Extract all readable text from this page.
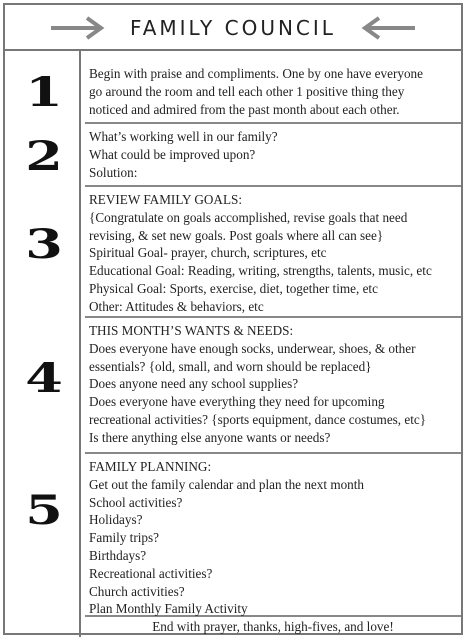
FAMILY COUNCIL
1	Begin with praise and compliments. One by one have everyone
go around the room and tell each other 1 positive thing they
noticed and admired from the past month about each other.
2	What’s working well in our family?
What could be improved upon?
Solution:
3
REVIEW FAMILY GOALS:
{Congratulate on goals accomplished, revise goals that need
revising, & set new goals. Post goals where all can see}
Spiritual Goal- prayer, church, scriptures, etc
Educational Goal: Reading, writing, strengths, talents, music, etc
Physical Goal: Sports, exercise, diet, together time, etc
Other: Attitudes & behaviors, etc
4
THIS MONTH’S WANTS & NEEDS:
Does everyone have enough socks, underwear, shoes, & other
essentials? {old, small, and worn should be replaced}
Does anyone need any school supplies?
Does everyone have everything they need for upcoming
recreational activities? {sports equipment, dance costumes, etc}
Is there anything else anyone wants or needs?
5
FAMILY PLANNING:
Get out the family calendar and plan the next month
School activities?
Holidays?
Family trips?
Birthdays?
Recreational activities?
Church activities?
Plan Monthly Family Activity
End with prayer, thanks, high-fives, and love!
